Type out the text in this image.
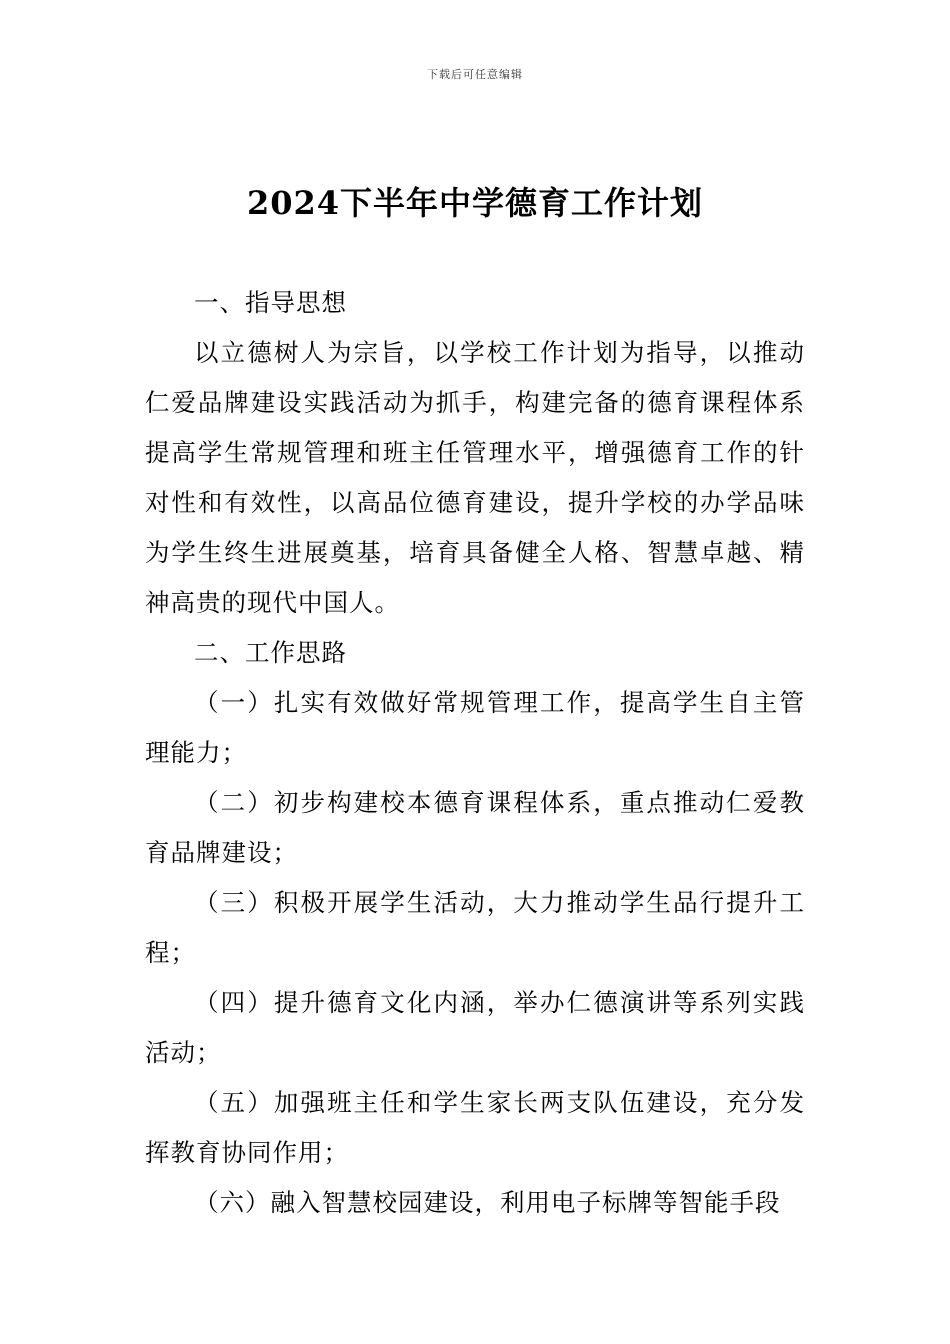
下载后可任意编辑
2024下半年中学德育工作计划

一、指导思想

以立德树人为宗旨，以学校工作计划为指导，以推动仁爱品牌建设实践活动为抓手，构建完备的德育课程体系提高学生常规管理和班主任管理水平，增强德育工作的针对性和有效性，以高品位德育建设，提升学校的办学品味为学生终生进展奠基，培育具备健全人格、智慧卓越、精神高贵的现代中国人。

二、工作思路

（一）扎实有效做好常规管理工作，提高学生自主管理能力；

（二）初步构建校本德育课程体系，重点推动仁爱教育品牌建设；

（三）积极开展学生活动，大力推动学生品行提升工程；

（四）提升德育文化内涵，举办仁德演讲等系列实践活动；

（五）加强班主任和学生家长两支队伍建设，充分发挥教育协同作用；

（六）融入智慧校园建设，利用电子标牌等智能手段
